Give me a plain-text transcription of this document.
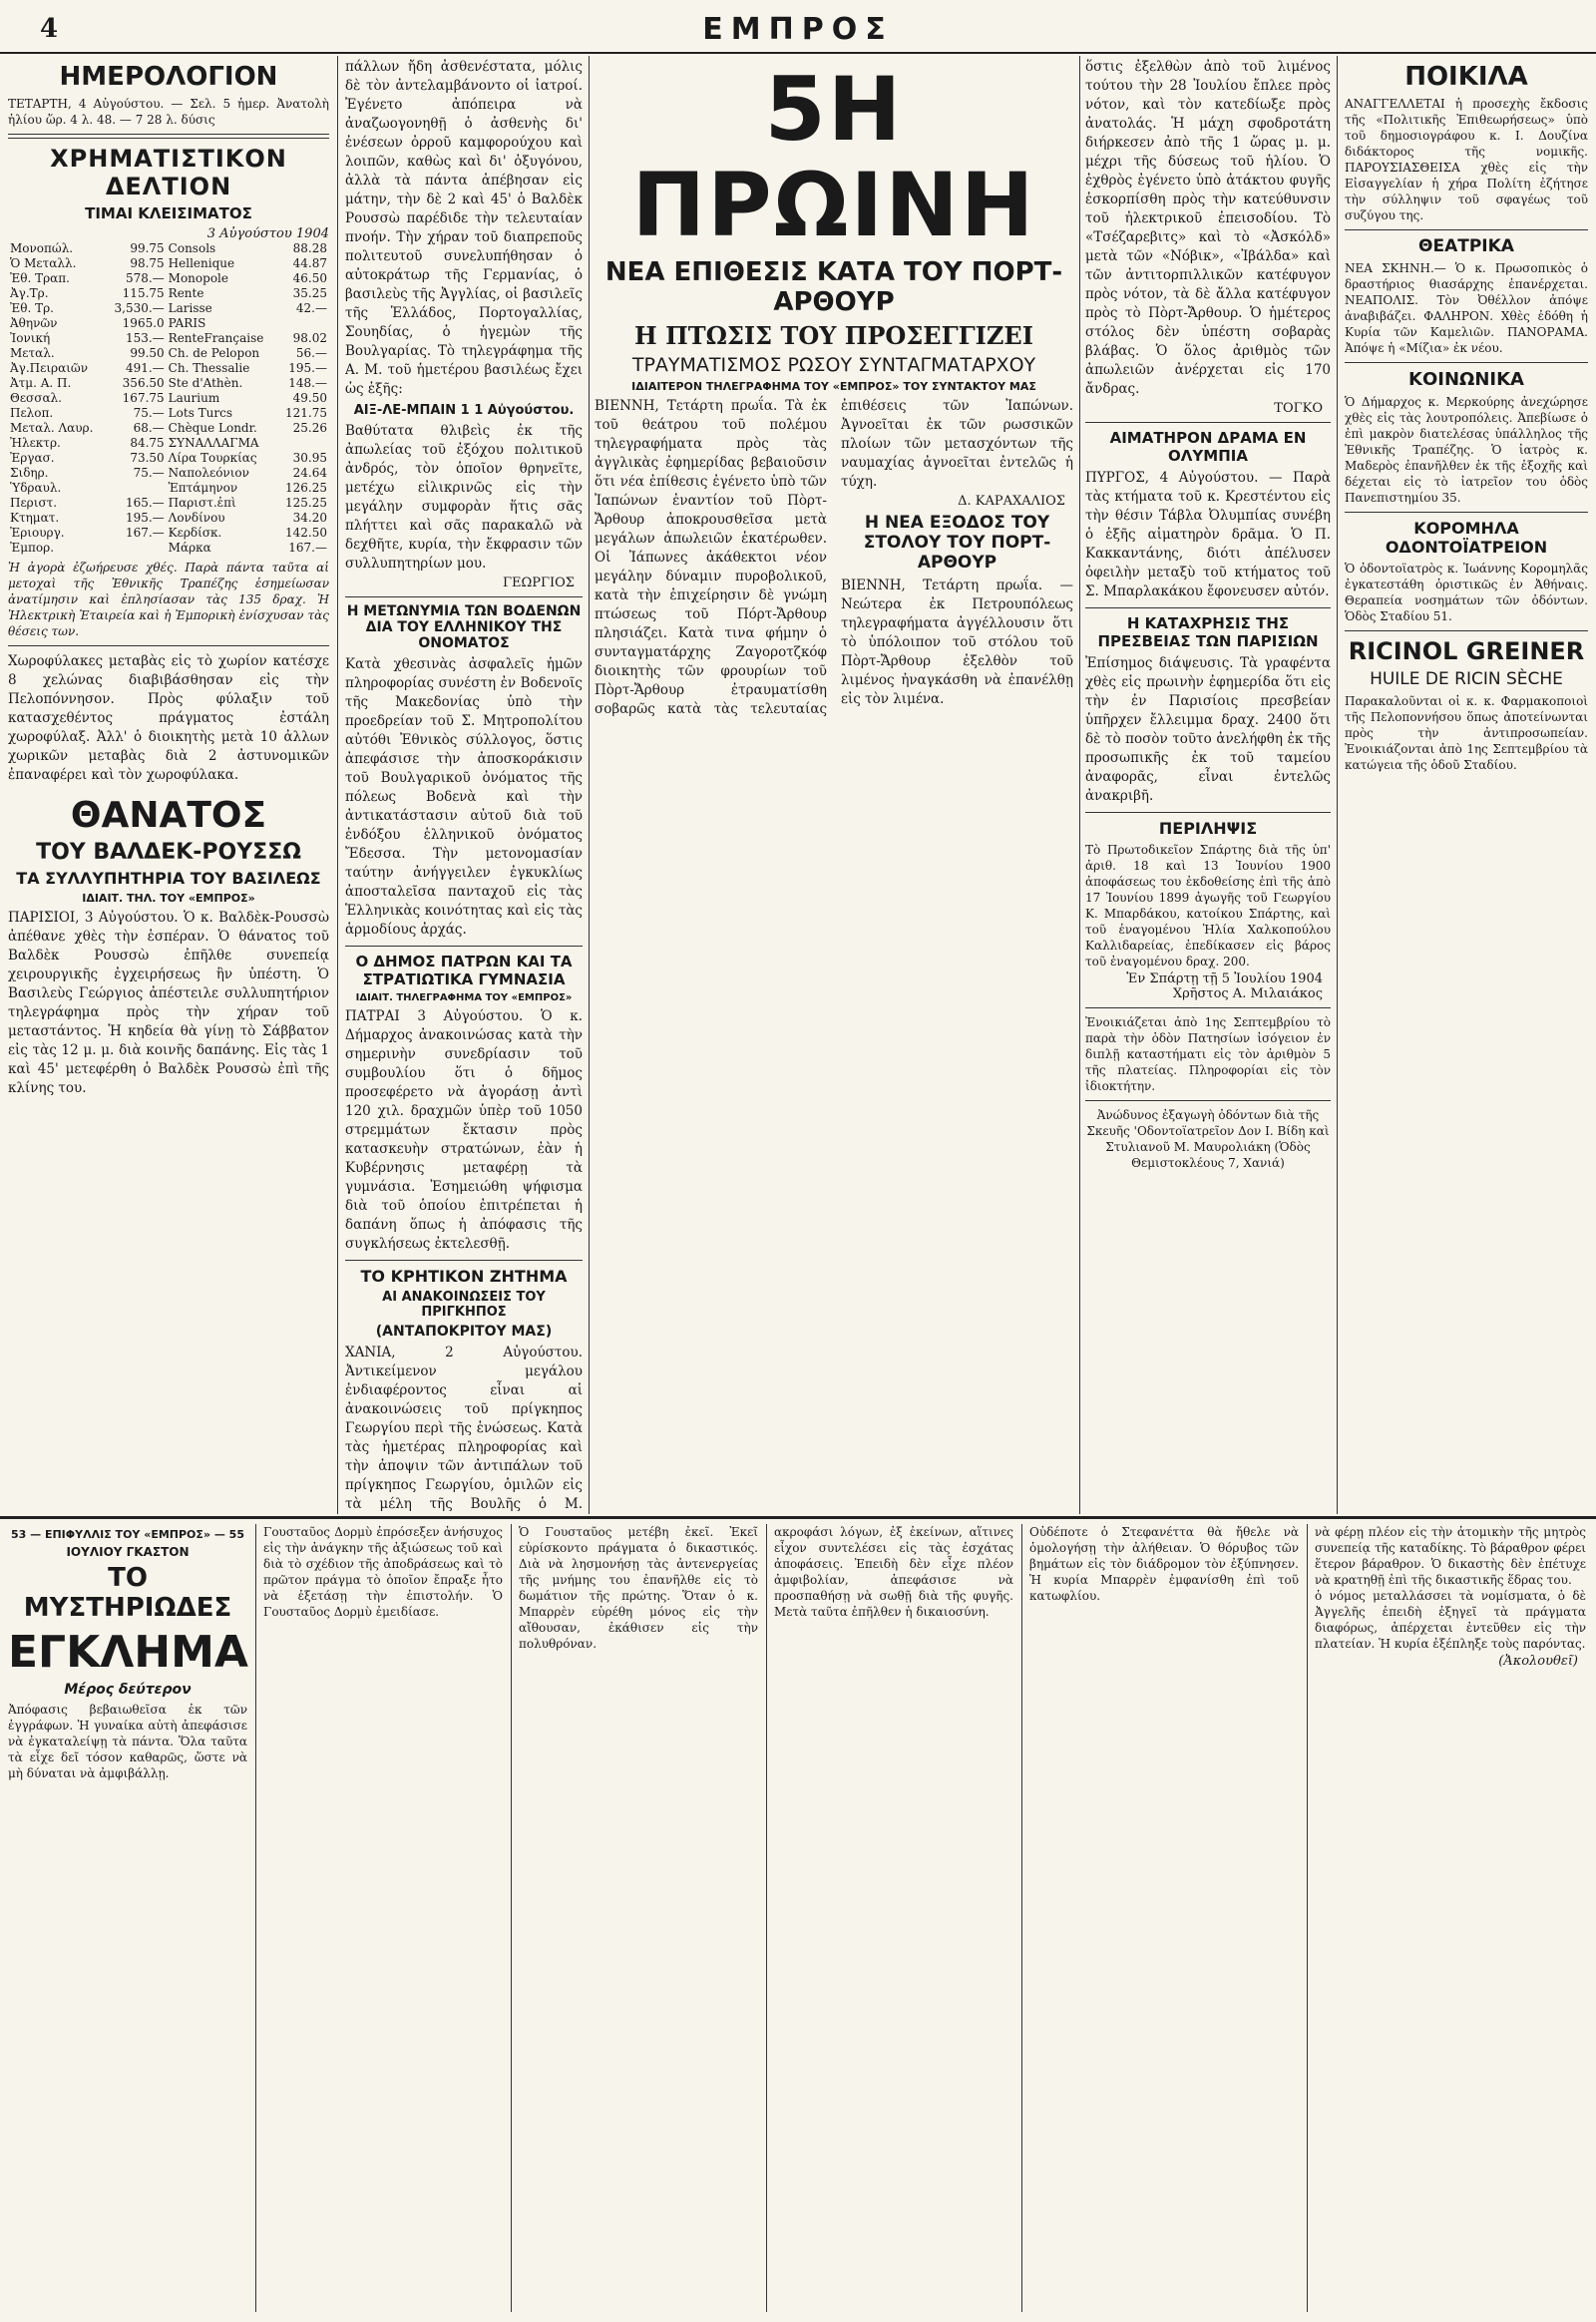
4	ΕΜΠΡΟΣ
ΗΜΕΡΟΛΟΓΙΟΝ

ΤΕΤΑΡΤΗ, 4 Αὐγούστου. — Σελ. 5 ἡμερ. Ἀνατολὴ ἡλίου ὥρ. 4 λ. 48. — 7 28 λ. δύσις

ΧΡΗΜΑΤΙΣΤΙΚΟΝ ΔΕΛΤΙΟΝ
ΤΙΜΑΙ ΚΛΕΙΣΙΜΑΤΟΣ
3 Αὐγούστου 1904
Μονοπώλ.	99.75	Consols	88.28
Ὁ Μεταλλ.	98.75	Hellenique	44.87
Ἐθ. Τραπ.	578.—	Monopole	46.50
Ἀγ.Τρ.	115.75	Rente	35.25
Ἐθ. Τρ.	3,530.—	Larisse	42.—
Ἀθηνῶν	1965.0	PARIS	
Ἰονική	153.—	RenteFrançaise	98.02
Μεταλ.	99.50	Ch. de Pelopon	56.—
Ἀγ.Πειραιῶν	491.—	Ch. Thessalie	195.—
Ἀτμ. Α. Π.	356.50	Ste d'Athèn.	148.—
Θεσσαλ.	167.75	Laurium	49.50
Πελοπ.	75.—	Lots Turcs	121.75
Μεταλ. Λαυρ.	68.—	Chèque Londr.	25.26
Ἠλεκτρ.	84.75	ΣΥΝΑΛΛΑΓΜΑ	
Ἐργασ.	73.50	Λίρα Τουρκίας	30.95
Σιδηρ.	75.—	Ναπολεόνιον	24.64
Ὑδραυλ.		Ἑπτάμηνον	126.25
Περιστ.	165.—	Παριστ.ἐπὶ	125.25
Κτηματ.	195.—	Λονδίνου	34.20
Ἐριουργ.	167.—	Κερδίσκ.	142.50
Ἐμπορ.		Μάρκα	167.—

Ἡ ἀγορὰ ἐζωήρευσε χθές. Παρὰ πάντα ταῦτα αἱ μετοχαὶ τῆς Ἐθνικῆς Τραπέζης ἐσημείωσαν ἀνατίμησιν καὶ ἐπλησίασαν τὰς 135 δραχ. Ἡ Ἠλεκτρικὴ Ἑταιρεία καὶ ἡ Ἐμπορικὴ ἐνίσχυσαν τὰς θέσεις των.

Χωροφύλακες μεταβὰς εἰς τὸ χωρίον κατέσχε 8 χελώνας διαβιβάσθησαν εἰς τὴν Πελοπόννησον. Πρὸς φύλαξιν τοῦ κατασχεθέντος πράγματος ἐστάλη χωροφύλαξ. Ἀλλ' ὁ διοικητὴς μετὰ 10 ἀλλων χωρικῶν μεταβὰς διὰ 2 ἀστυνομικῶν ἐπαναφέρει καὶ τὸν χωροφύλακα.

ΘΑΝΑΤΟΣ
ΤΟΥ ΒΑΛΔΕΚ-ΡΟΥΣΣΩ
ΤΑ ΣΥΛΛΥΠΗΤΗΡΙΑ ΤΟΥ ΒΑΣΙΛΕΩΣ
ΙΔΙΑΙΤ. ΤΗΛ. ΤΟΥ «ΕΜΠΡΟΣ»

ΠΑΡΙΣΙΟΙ, 3 Αὐγούστου. Ὁ κ. Βαλδὲκ-Ρουσσὼ ἀπέθανε χθὲς τὴν ἑσπέραν. Ὁ θάνατος τοῦ Βαλδὲκ Ρουσσὼ ἐπῆλθε συνεπείᾳ χειρουργικῆς ἐγχειρήσεως ἣν ὑπέστη. Ὁ Βασιλεὺς Γεώργιος ἀπέστειλε συλλυπητήριον τηλεγράφημα πρὸς τὴν χήραν τοῦ μεταστάντος. Ἡ κηδεία θὰ γίνῃ τὸ Σάββατον εἰς τὰς 12 μ. μ. διὰ κοινῆς δαπάνης. Εἰς τὰς 1 καὶ 45' μετεφέρθη ὁ Βαλδὲκ Ρουσσὼ ἐπὶ τῆς κλίνης του.

πάλλων ἤδη ἀσθενέστατα, μόλις δὲ τὸν ἀντελαμβάνοντο οἱ ἰατροί. Ἐγένετο ἀπόπειρα νὰ ἀναζωογονηθῇ ὁ ἀσθενὴς δι' ἐνέσεων ὀρροῦ καμφορούχου καὶ λοιπῶν, καθὼς καὶ δι' ὀξυγόνου, ἀλλὰ τὰ πάντα ἀπέβησαν εἰς μάτην, τὴν δὲ 2 καὶ 45' ὁ Βαλδὲκ Ρουσσὼ παρέδιδε τὴν τελευταίαν πνοήν. Τὴν χήραν τοῦ διαπρεποῦς πολιτευτοῦ συνελυπήθησαν ὁ αὐτοκράτωρ τῆς Γερμανίας, ὁ βασιλεὺς τῆς Ἀγγλίας, οἱ βασιλεῖς τῆς Ἑλλάδος, Πορτογαλλίας, Σουηδίας, ὁ ἡγεμὼν τῆς Βουλγαρίας. Τὸ τηλεγράφημα τῆς Α. Μ. τοῦ ἡμετέρου βασιλέως ἔχει ὡς ἑξῆς:

ΑΙΞ-ΛΕ-ΜΠΑΙΝ 1 1 Αὐγούστου.

Βαθύτατα θλιβεὶς ἐκ τῆς ἀπωλείας τοῦ ἐξόχου πολιτικοῦ ἀνδρός, τὸν ὁποῖον θρηνεῖτε, μετέχω εἰλικρινῶς εἰς τὴν μεγάλην συμφορὰν ἥτις σᾶς πλήττει καὶ σᾶς παρακαλῶ νὰ δεχθῆτε, κυρία, τὴν ἔκφρασιν τῶν συλλυπητηρίων μου.

ΓΕΩΡΓΙΟΣ
Η ΜΕΤΩΝΥΜΙΑ ΤΩΝ ΒΟΔΕΝΩΝ ΔΙΑ ΤΟΥ ΕΛΛΗΝΙΚΟΥ ΤΗΣ ΟΝΟΜΑΤΟΣ

Κατὰ χθεσινὰς ἀσφαλεῖς ἡμῶν πληροφορίας συνέστη ἐν Βοδενοῖς τῆς Μακεδονίας ὑπὸ τὴν προεδρείαν τοῦ Σ. Μητροπολίτου αὐτόθι Ἐθνικὸς σύλλογος, ὅστις ἀπεφάσισε τὴν ἀποσκοράκισιν τοῦ Βουλγαρικοῦ ὀνόματος τῆς πόλεως Βοδενὰ καὶ τὴν ἀντικατάστασιν αὐτοῦ διὰ τοῦ ἐνδόξου ἑλληνικοῦ ὀνόματος Ἔδεσσα. Τὴν μετονομασίαν ταύτην ἀνήγγειλεν ἐγκυκλίως ἀποσταλεῖσα πανταχοῦ εἰς τὰς Ἑλληνικὰς κοινότητας καὶ εἰς τὰς ἁρμοδίους ἀρχάς.

Ο ΔΗΜΟΣ ΠΑΤΡΩΝ ΚΑΙ ΤΑ ΣΤΡΑΤΙΩΤΙΚΑ ΓΥΜΝΑΣΙΑ
ΙΔΙΑΙΤ. ΤΗΛΕΓΡΑΦΗΜΑ ΤΟΥ «ΕΜΠΡΟΣ»

ΠΑΤΡΑΙ 3 Αὐγούστου. Ὁ κ. Δήμαρχος ἀνακοινώσας κατὰ τὴν σημερινὴν συνεδρίασιν τοῦ συμβουλίου ὅτι ὁ δῆμος προσεφέρετο νὰ ἀγοράσῃ ἀντὶ 120 χιλ. δραχμῶν ὑπὲρ τοῦ 1050 στρεμμάτων ἔκτασιν πρὸς κατασκευὴν στρατώνων, ἐὰν ἡ Κυβέρνησις μεταφέρῃ τὰ γυμνάσια. Ἐσημειώθη ψήφισμα διὰ τοῦ ὁποίου ἐπιτρέπεται ἡ δαπάνη ὅπως ἡ ἀπόφασις τῆς συγκλήσεως ἐκτελεσθῇ.

ΤΟ ΚΡΗΤΙΚΟΝ ΖΗΤΗΜΑ
ΑΙ ΑΝΑΚΟΙΝΩΣΕΙΣ ΤΟΥ ΠΡΙΓΚΗΠΟΣ
(ΑΝΤΑΠΟΚΡΙΤΟΥ ΜΑΣ)

ΧΑΝΙΑ, 2 Αὐγούστου. Ἀντικείμενον μεγάλου ἐνδιαφέροντος εἶναι αἱ ἀνακοινώσεις τοῦ πρίγκηπος Γεωργίου περὶ τῆς ἑνώσεως. Κατὰ τὰς ἡμετέρας πληροφορίας καὶ τὴν ἀποψιν τῶν ἀντιπάλων τοῦ πρίγκηπος Γεωργίου, ὁμιλῶν εἰς τὰ μέλη τῆς Βουλῆς ὁ Μ.

5Η ΠΡΩΙΝΗ
ΝΕΑ ΕΠΙΘΕΣΙΣ ΚΑΤΑ ΤΟΥ ΠΟΡΤ-ΑΡΘΟΥΡ
Η ΠΤΩΣΙΣ ΤΟΥ ΠΡΟΣΕΓΓΙΖΕΙ
ΤΡΑΥΜΑΤΙΣΜΟΣ ΡΩΣΟΥ ΣΥΝΤΑΓΜΑΤΑΡΧΟΥ
ΙΔΙΑΙΤΕΡΟΝ ΤΗΛΕΓΡΑΦΗΜΑ ΤΟΥ «ΕΜΠΡΟΣ» ΤΟΥ ΣΥΝΤΑΚΤΟΥ ΜΑΣ

ΒΙΕΝΝΗ, Τετάρτη πρωΐα. Τὰ ἐκ τοῦ θεάτρου τοῦ πολέμου τηλεγραφήματα πρὸς τὰς ἀγγλικὰς ἐφημερίδας βεβαιοῦσιν ὅτι νέα ἐπίθεσις ἐγένετο ὑπὸ τῶν Ἰαπώνων ἐναντίον τοῦ Πὸρτ-Ἄρθουρ ἀποκρουσθεῖσα μετὰ μεγάλων ἀπωλειῶν ἑκατέρωθεν. Οἱ Ἰάπωνες ἀκάθεκτοι νέον μεγάλην δύναμιν πυροβολικοῦ, κατὰ τὴν ἐπιχείρησιν δὲ γνώμη πτώσεως τοῦ Πόρτ-Ἄρθουρ πλησιάζει. Κατὰ τινα φήμην ὁ συνταγματάρχης Ζαγοροτζκόφ διοικητὴς τῶν φρουρίων τοῦ Πὸρτ-Ἄρθουρ ἐτραυματίσθη σοβαρῶς κατὰ τὰς τελευταίας ἐπιθέσεις τῶν Ἰαπώνων. Ἀγνοεῖται ἐκ τῶν ρωσσικῶν πλοίων τῶν μετασχόντων τῆς ναυμαχίας ἀγνοεῖται ἐντελῶς ἡ τύχη.

Δ. ΚΑΡΑΧΑΛΙΟΣ
Η ΝΕΑ ΕΞΟΔΟΣ ΤΟΥ ΣΤΟΛΟΥ ΤΟΥ ΠΟΡΤ-ΑΡΘΟΥΡ

ΒΙΕΝΝΗ, Τετάρτη πρωΐα. — Νεώτερα ἐκ Πετρουπόλεως τηλεγραφήματα ἀγγέλλουσιν ὅτι τὸ ὑπόλοιπον τοῦ στόλου τοῦ Πὸρτ-Ἄρθουρ ἐξελθὸν τοῦ λιμένος ἠναγκάσθη νὰ ἐπανέλθῃ εἰς τὸν λιμένα.

ὅστις ἐξελθὼν ἀπὸ τοῦ λιμένος τούτου τὴν 28 Ἰουλίου ἔπλεε πρὸς νότον, καὶ τὸν κατεδίωξε πρὸς ἀνατολάς. Ἡ μάχη σφοδροτάτη διήρκεσεν ἀπὸ τῆς 1 ὥρας μ. μ. μέχρι τῆς δύσεως τοῦ ἡλίου. Ὁ ἐχθρὸς ἐγένετο ὑπὸ ἀτάκτου φυγῆς ἐσκορπίσθη πρὸς τὴν κατεύθυνσιν τοῦ ἠλεκτρικοῦ ἐπεισοδίου. Τὸ «Τσέζαρεβιτς» καὶ τὸ «Ἀσκόλδ» μετὰ τῶν «Νόβικ», «Ἰβάλδα» καὶ τῶν ἀντιτορπιλλικῶν κατέφυγον πρὸς νότον, τὰ δὲ ἄλλα κατέφυγον πρὸς τὸ Πὸρτ-Ἄρθουρ. Ὁ ἡμέτερος στόλος δὲν ὑπέστη σοβαρὰς βλάβας. Ὁ ὅλος ἀριθμὸς τῶν ἀπωλειῶν ἀνέρχεται εἰς 170 ἄνδρας.

ΤΟΓΚΟ
ΑΙΜΑΤΗΡΟΝ ΔΡΑΜΑ ΕΝ ΟΛΥΜΠΙΑ

ΠΥΡΓΟΣ, 4 Αὐγούστου. — Παρὰ τὰς κτήματα τοῦ κ. Κρεστέντου εἰς τὴν θέσιν Τάβλα Ὀλυμπίας συνέβη ὁ ἑξῆς αἱματηρὸν δρᾶμα. Ὁ Π. Κακκαντάνης, διότι ἀπέλυσεν ὀφειλὴν μεταξὺ τοῦ κτήματος τοῦ Σ. Μπαρλακάκου ἔφονευσεν αὐτόν.

Η ΚΑΤΑΧΡΗΣΙΣ ΤΗΣ ΠΡΕΣΒΕΙΑΣ ΤΩΝ ΠΑΡΙΣΙΩΝ

Ἐπίσημος διάψευσις. Τὰ γραφέντα χθὲς εἰς πρωινὴν ἐφημερίδα ὅτι εἰς τὴν ἐν Παρισίοις πρεσβείαν ὑπῆρχεν ἔλλειμμα δραχ. 2400 ὅτι δὲ τὸ ποσὸν τοῦτο ἀνελήφθη ἐκ τῆς προσωπικῆς ἐκ τοῦ ταμείου ἀναφορᾶς, εἶναι ἐντελῶς ἀνακριβῆ.

ΠΕΡΙΛΗΨΙΣ

Τὸ Πρωτοδικεῖον Σπάρτης διὰ τῆς ὑπ' ἀριθ. 18 καὶ 13 Ἰουνίου 1900 ἀποφάσεως του ἐκδοθείσης ἐπὶ τῆς ἀπὸ 17 Ἰουνίου 1899 ἀγωγῆς τοῦ Γεωργίου Κ. Μπαρδάκου, κατοίκου Σπάρτης, καὶ τοῦ ἐναγομένου Ἠλία Χαλκοπούλου Καλλιδαρείας, ἐπεδίκασεν εἰς βάρος τοῦ ἐναγομένου δραχ. 200.

Ἐν Σπάρτῃ τῇ 5 Ἰουλίου 1904 Χρῆστος Α. Μιλαιάκος

Ἐνοικιάζεται ἀπὸ 1ης Σεπτεμβρίου τὸ παρὰ τὴν ὁδὸν Πατησίων ἰσόγειον ἐν διπλῇ καταστήματι εἰς τὸν ἀριθμὸν 5 τῆς πλατείας. Πληροφορίαι εἰς τὸν ἰδιοκτήτην.

Ἀνώδυνος ἐξαγωγὴ ὀδόντων διὰ τῆς Σκευῆς 'Οδοντοϊατρεῖον Δον Ι. Βίδη καὶ Στυλιανοῦ Μ. Μαυρολιάκη (Ὁδὸς Θεμιστοκλέους 7, Χανιά)

ΠΟΙΚΙΛΑ

ΑΝΑΓΓΕΛΛΕΤΑΙ ἡ προσεχὴς ἔκδοσις τῆς «Πολιτικῆς Ἐπιθεωρήσεως» ὑπὸ τοῦ δημοσιογράφου κ. Ι. Δουζίνα διδάκτορος τῆς νομικῆς. ΠΑΡΟΥΣΙΑΣΘΕΙΣΑ χθὲς εἰς τὴν Εἰσαγγελίαν ἡ χήρα Πολίτη ἐζήτησε τὴν σύλληψιν τοῦ σφαγέως τοῦ συζύγου της.

ΘΕΑΤΡΙΚΑ

ΝΕΑ ΣΚΗΝΗ.— Ὁ κ. Πρωσοπικὸς ὁ δραστήριος θιασάρχης ἐπανέρχεται. ΝΕΑΠΟΛΙΣ. Τὸν Ὀθέλλον ἀπόψε ἀναβιβάζει. ΦΑΛΗΡΟΝ. Χθὲς ἐδόθη ἡ Κυρία τῶν Καμελιῶν. ΠΑΝΟΡΑΜΑ. Ἀπόψε ἡ «Μίζια» ἐκ νέου.

ΚΟΙΝΩΝΙΚΑ

Ὁ Δήμαρχος κ. Μερκούρης ἀνεχώρησε χθὲς εἰς τὰς λουτροπόλεις. Ἀπεβίωσε ὁ ἐπὶ μακρὸν διατελέσας ὑπάλληλος τῆς Ἐθνικῆς Τραπέζης. Ὁ ἰατρὸς κ. Μαδερὸς ἐπανῆλθεν ἐκ τῆς ἐξοχῆς καὶ δέχεται εἰς τὸ ἰατρεῖον του ὁδὸς Πανεπιστημίου 35.

ΚΟΡΟΜΗΛΑ ΟΔΟΝΤΟΪΑΤΡΕΙΟΝ

Ὁ ὀδοντοϊατρὸς κ. Ἰωάννης Κορομηλᾶς ἐγκατεστάθη ὁριστικῶς ἐν Ἀθήναις. Θεραπεία νοσημάτων τῶν ὀδόντων. Ὁδὸς Σταδίου 51.

RICINOL GREINER
HUILE DE RICIN SÈCHE

Παρακαλοῦνται οἱ κ. κ. Φαρμακοποιοὶ τῆς Πελοποννήσου ὅπως ἀποτείνωνται πρὸς τὴν ἀντιπροσωπείαν. Ἐνοικιάζονται ἀπὸ 1ης Σεπτεμβρίου τὰ κατώγεια τῆς ὁδοῦ Σταδίου.

53 — ΕΠΙΦΥΛΛΙΣ ΤΟΥ «ΕΜΠΡΟΣ» — 55
ΙΟΥΛΙΟΥ ΓΚΑΣΤΟΝ
ΤΟ ΜΥΣΤΗΡΙΩΔΕΣ
ΕΓΚΛΗΜΑ
Μέρος δεύτερον

Ἀπόφασις βεβαιωθεῖσα ἐκ τῶν ἐγγράφων. Ἡ γυναίκα αὐτὴ ἀπεφάσισε νὰ ἐγκαταλείψῃ τὰ πάντα. Ὅλα ταῦτα τὰ εἶχε δεῖ τόσον καθαρῶς, ὥστε νὰ μὴ δύναται νὰ ἀμφιβάλλῃ.

Γουσταῦος Δορμὺ ἐπρόσεξεν ἀνήσυχος εἰς τὴν ἀνάγκην τῆς ἀξιώσεως τοῦ καὶ διὰ τὸ σχέδιον τῆς ἀποδράσεως καὶ τὸ πρῶτον πράγμα τὸ ὁποῖον ἔπραξε ἦτο νὰ ἐξετάσῃ τὴν ἐπιστολήν. Ὁ Γουσταῦος Δορμὺ ἐμειδίασε.

Ὁ Γουσταῦος μετέβη ἐκεῖ. Ἐκεῖ εὑρίσκοντο πράγματα ὁ δικαστικός. Διὰ νὰ λησμονήσῃ τὰς ἀντενεργείας τῆς μνήμης του ἐπανῆλθε εἰς τὸ δωμάτιον τῆς πρώτης. Ὅταν ὁ κ. Μπαρρὲν εὑρέθη μόνος εἰς τὴν αἴθουσαν, ἐκάθισεν εἰς τὴν πολυθρόναν.

ακροφάσι λόγων, ἐξ ἐκείνων, αἵτινες εἶχον συντελέσει εἰς τὰς ἐσχάτας ἀποφάσεις. Ἐπειδὴ δὲν εἶχε πλέον ἀμφιβολίαν, ἀπεφάσισε νὰ προσπαθήσῃ νὰ σωθῇ διὰ τῆς φυγῆς. Μετὰ ταῦτα ἐπῆλθεν ἡ δικαιοσύνη.

Οὐδέποτε ὁ Στεφανέττα θὰ ἤθελε νὰ ὁμολογήσῃ τὴν ἀλήθειαν. Ὁ θόρυβος τῶν βημάτων εἰς τὸν διάδρομον τὸν ἐξύπνησεν. Ἡ κυρία Μπαρρὲν ἐμφανίσθη ἐπὶ τοῦ κατωφλίου.

νὰ φέρῃ πλέον εἰς τὴν ἀτομικὴν τῆς μητρὸς συνεπείᾳ τῆς καταδίκης. Τὸ βάραθρον φέρει ἕτερον βάραθρον. Ὁ δικαστὴς δὲν ἐπέτυχε νὰ κρατηθῇ ἐπὶ τῆς δικαστικῆς ἕδρας του.

ὁ νόμος μεταλλάσσει τὰ νομίσματα, ὁ δὲ Ἀγγελῆς ἐπειδὴ ἐξηγεῖ τὰ πράγματα διαφόρως, ἀπέρχεται ἐντεῦθεν εἰς τὴν πλατείαν. Ἡ κυρία ἐξέπληξε τοὺς παρόντας.

(Ἀκολουθεῖ)
